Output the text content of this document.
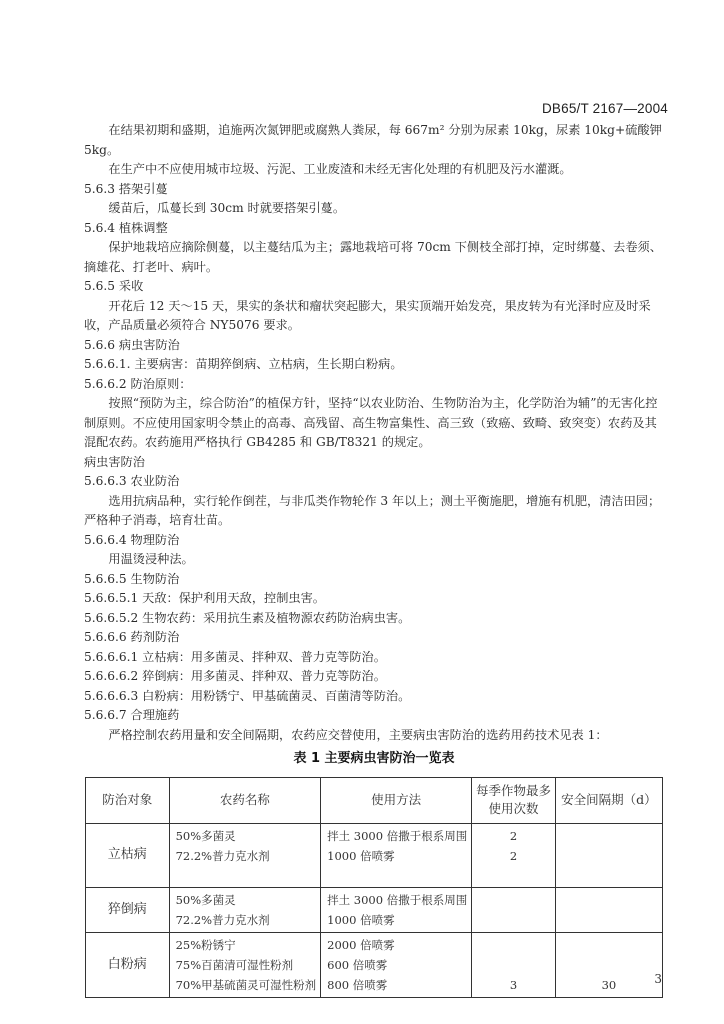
DB65/T 2167—2004

在结果初期和盛期，追施两次氮钾肥或腐熟人粪尿，每 667m² 分别为尿素 10kg，尿素 10kg+硫酸钾 5kg。

在生产中不应使用城市垃圾、污泥、工业废渣和未经无害化处理的有机肥及污水灌溉。

5.6.3 搭架引蔓

缓苗后，瓜蔓长到 30cm 时就要搭架引蔓。

5.6.4 植株调整

保护地栽培应摘除侧蔓，以主蔓结瓜为主；露地栽培可将 70cm 下侧枝全部打掉，定时绑蔓、去卷须、摘雄花、打老叶、病叶。

5.6.5 采收

开花后 12 天～15 天，果实的条状和瘤状突起膨大，果实顶端开始发亮，果皮转为有光泽时应及时采收，产品质量必须符合 NY5076 要求。

5.6.6 病虫害防治

5.6.6.1. 主要病害：苗期猝倒病、立枯病，生长期白粉病。

5.6.6.2 防治原则：

按照“预防为主，综合防治”的植保方针，坚持“以农业防治、生物防治为主，化学防治为辅”的无害化控制原则。不应使用国家明令禁止的高毒、高残留、高生物富集性、高三致（致癌、致畸、致突变）农药及其混配农药。农药施用严格执行 GB4285 和 GB/T8321 的规定。

病虫害防治

5.6.6.3 农业防治

选用抗病品种，实行轮作倒茬，与非瓜类作物轮作 3 年以上；测土平衡施肥，增施有机肥，清洁田园；严格种子消毒，培育壮苗。

5.6.6.4 物理防治

用温烫浸种法。

5.6.6.5 生物防治

5.6.6.5.1 天敌：保护利用天敌，控制虫害。

5.6.6.5.2 生物农药：采用抗生素及植物源农药防治病虫害。

5.6.6.6 药剂防治

5.6.6.6.1 立枯病：用多菌灵、拌种双、普力克等防治。

5.6.6.6.2 猝倒病：用多菌灵、拌种双、普力克等防治。

5.6.6.6.3 白粉病：用粉锈宁、甲基硫菌灵、百菌清等防治。

5.6.6.7 合理施药

严格控制农药用量和安全间隔期，农药应交替使用，主要病虫害防治的选药用药技术见表 1：

表 1 主要病虫害防治一览表
防治对象	农药名称	使用方法	每季作物最多使用次数	安全间隔期（d）
立枯病	50%多菌灵
72.2%普力克水剂	拌土 3000 倍撒于根系周围
1000 倍喷雾	2
2	

猝倒病	50%多菌灵
72.2%普力克水剂	拌土 3000 倍撒于根系周围
1000 倍喷雾		

白粉病	25%粉锈宁
75%百菌清可湿性粉剂
70%甲基硫菌灵可湿性粉剂	2000 倍喷雾
600 倍喷雾
800 倍喷雾	3	30	3
